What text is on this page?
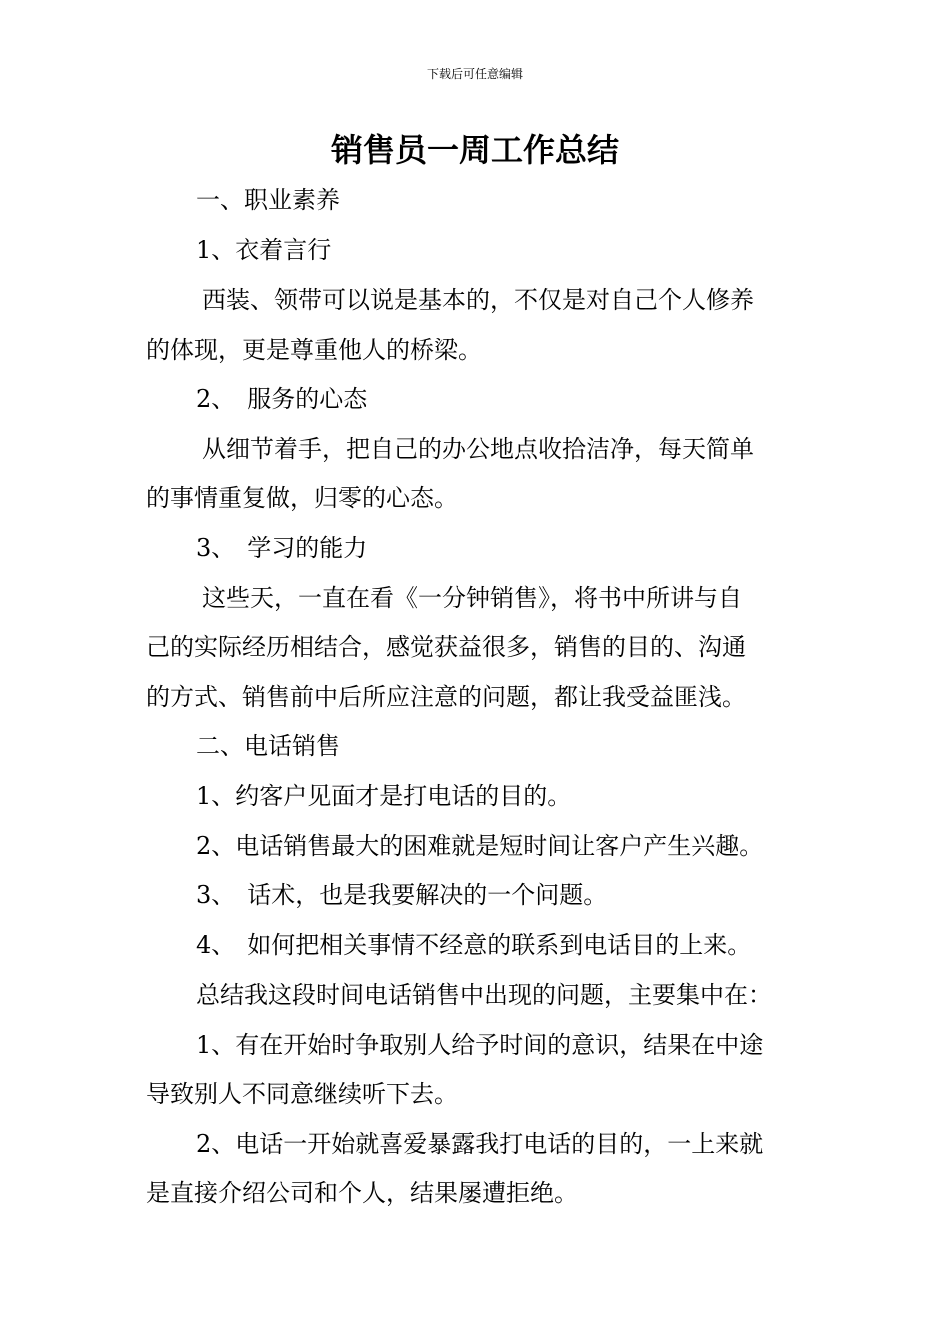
下载后可任意编辑
销售员一周工作总结
一、职业素养
1、衣着言行
西装、领带可以说是基本的，不仅是对自己个人修养
的体现，更是尊重他人的桥梁。
2、　服务的心态
从细节着手，把自己的办公地点收拾洁净，每天简单
的事情重复做，归零的心态。
3、　学习的能力
这些天，一直在看《一分钟销售》，将书中所讲与自
己的实际经历相结合，感觉获益很多，销售的目的、沟通
的方式、销售前中后所应注意的问题，都让我受益匪浅。
二、电话销售
1、约客户见面才是打电话的目的。
2、电话销售最大的困难就是短时间让客户产生兴趣。
3、　话术，也是我要解决的一个问题。
4、　如何把相关事情不经意的联系到电话目的上来。
总结我这段时间电话销售中出现的问题，主要集中在：
1、有在开始时争取别人给予时间的意识，结果在中途
导致别人不同意继续听下去。
2、电话一开始就喜爱暴露我打电话的目的，一上来就
是直接介绍公司和个人，结果屡遭拒绝。
